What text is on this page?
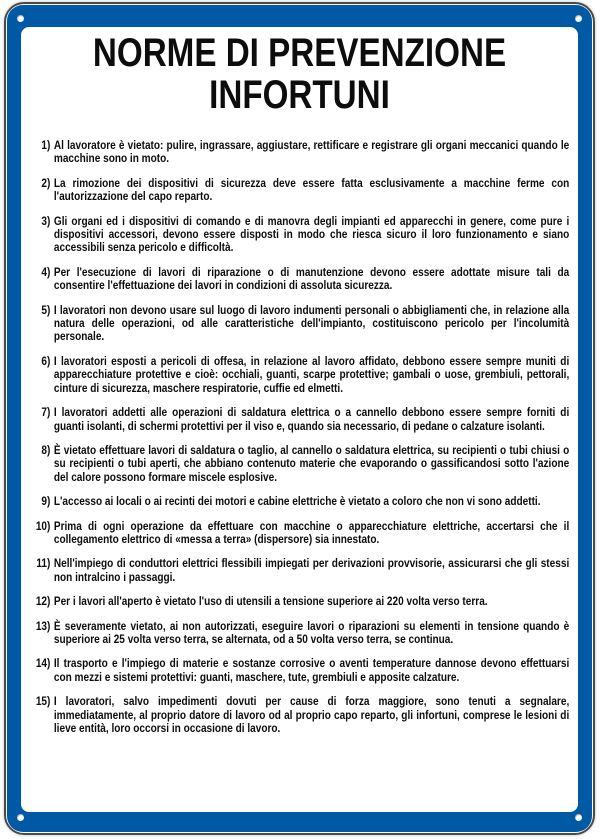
NORME DI PREVENZIONE
INFORTUNI
1) Al lavoratore è vietato: pulire, ingrassare, aggiustare, rettificare e registrare gli organi meccanici quando le macchine sono in moto.
2) La rimozione dei dispositivi di sicurezza deve essere fatta esclusivamente a macchine ferme con l'autorizzazione del capo reparto.
3) Gli organi ed i dispositivi di comando e di manovra degli impianti ed apparecchi in genere, come pure i dispositivi accessori, devono essere disposti in modo che riesca sicuro il loro funzionamento e siano accessibili senza pericolo e difficoltà.
4) Per l'esecuzione di lavori di riparazione o di manutenzione devono essere adottate misure tali da consentire l'effettuazione dei lavori in condizioni di assoluta sicurezza.
5) I lavoratori non devono usare sul luogo di lavoro indumenti personali o abbigliamenti che, in relazione alla natura delle operazioni, od alle caratteristiche dell'impianto, costituiscono pericolo per l'incolumità personale.
6) I lavoratori esposti a pericoli di offesa, in relazione al lavoro affidato, debbono essere sempre muniti di apparecchiature protettive e cioè: occhiali, guanti, scarpe protettive; gambali o uose, grembiuli, pettorali, cinture di sicurezza, maschere respiratorie, cuffie ed elmetti.
7) I lavoratori addetti alle operazioni di saldatura elettrica o a cannello debbono essere sempre forniti di guanti isolanti, di schermi protettivi per il viso e, quando sia necessario, di pedane o calzature isolanti.
8) È vietato effettuare lavori di saldatura o taglio, al cannello o saldatura elettrica, su recipienti o tubi chiusi o su recipienti o tubi aperti, che abbiano contenuto materie che evaporando o gassificandosi sotto l'azione del calore possono formare miscele esplosive.
9) L'accesso ai locali o ai recinti dei motori e cabine elettriche è vietato a coloro che non vi sono addetti.
10) Prima di ogni operazione da effettuare con macchine o apparecchiature elettriche, accertarsi che il collegamento elettrico di «messa a terra» (dispersore) sia innestato.
11) Nell'impiego di conduttori elettrici flessibili impiegati per derivazioni provvisorie, assicurarsi che gli stessi non intralcino i passaggi.
12) Per i lavori all'aperto è vietato l'uso di utensili a tensione superiore ai 220 volta verso terra.
13) È severamente vietato, ai non autorizzati, eseguire lavori o riparazioni su elementi in tensione quando è superiore ai 25 volta verso terra, se alternata, od a 50 volta verso terra, se continua.
14) Il trasporto e l'impiego di materie e sostanze corrosive o aventi temperature dannose devono effettuarsi con mezzi e sistemi protettivi: guanti, maschere, tute, grembiuli e apposite calzature.
15) I lavoratori, salvo impedimenti dovuti per cause di forza maggiore, sono tenuti a segnalare, immediatamente, al proprio datore di lavoro od al proprio capo reparto, gli infortuni, comprese le lesioni di lieve entità, loro occorsi in occasione di lavoro.
